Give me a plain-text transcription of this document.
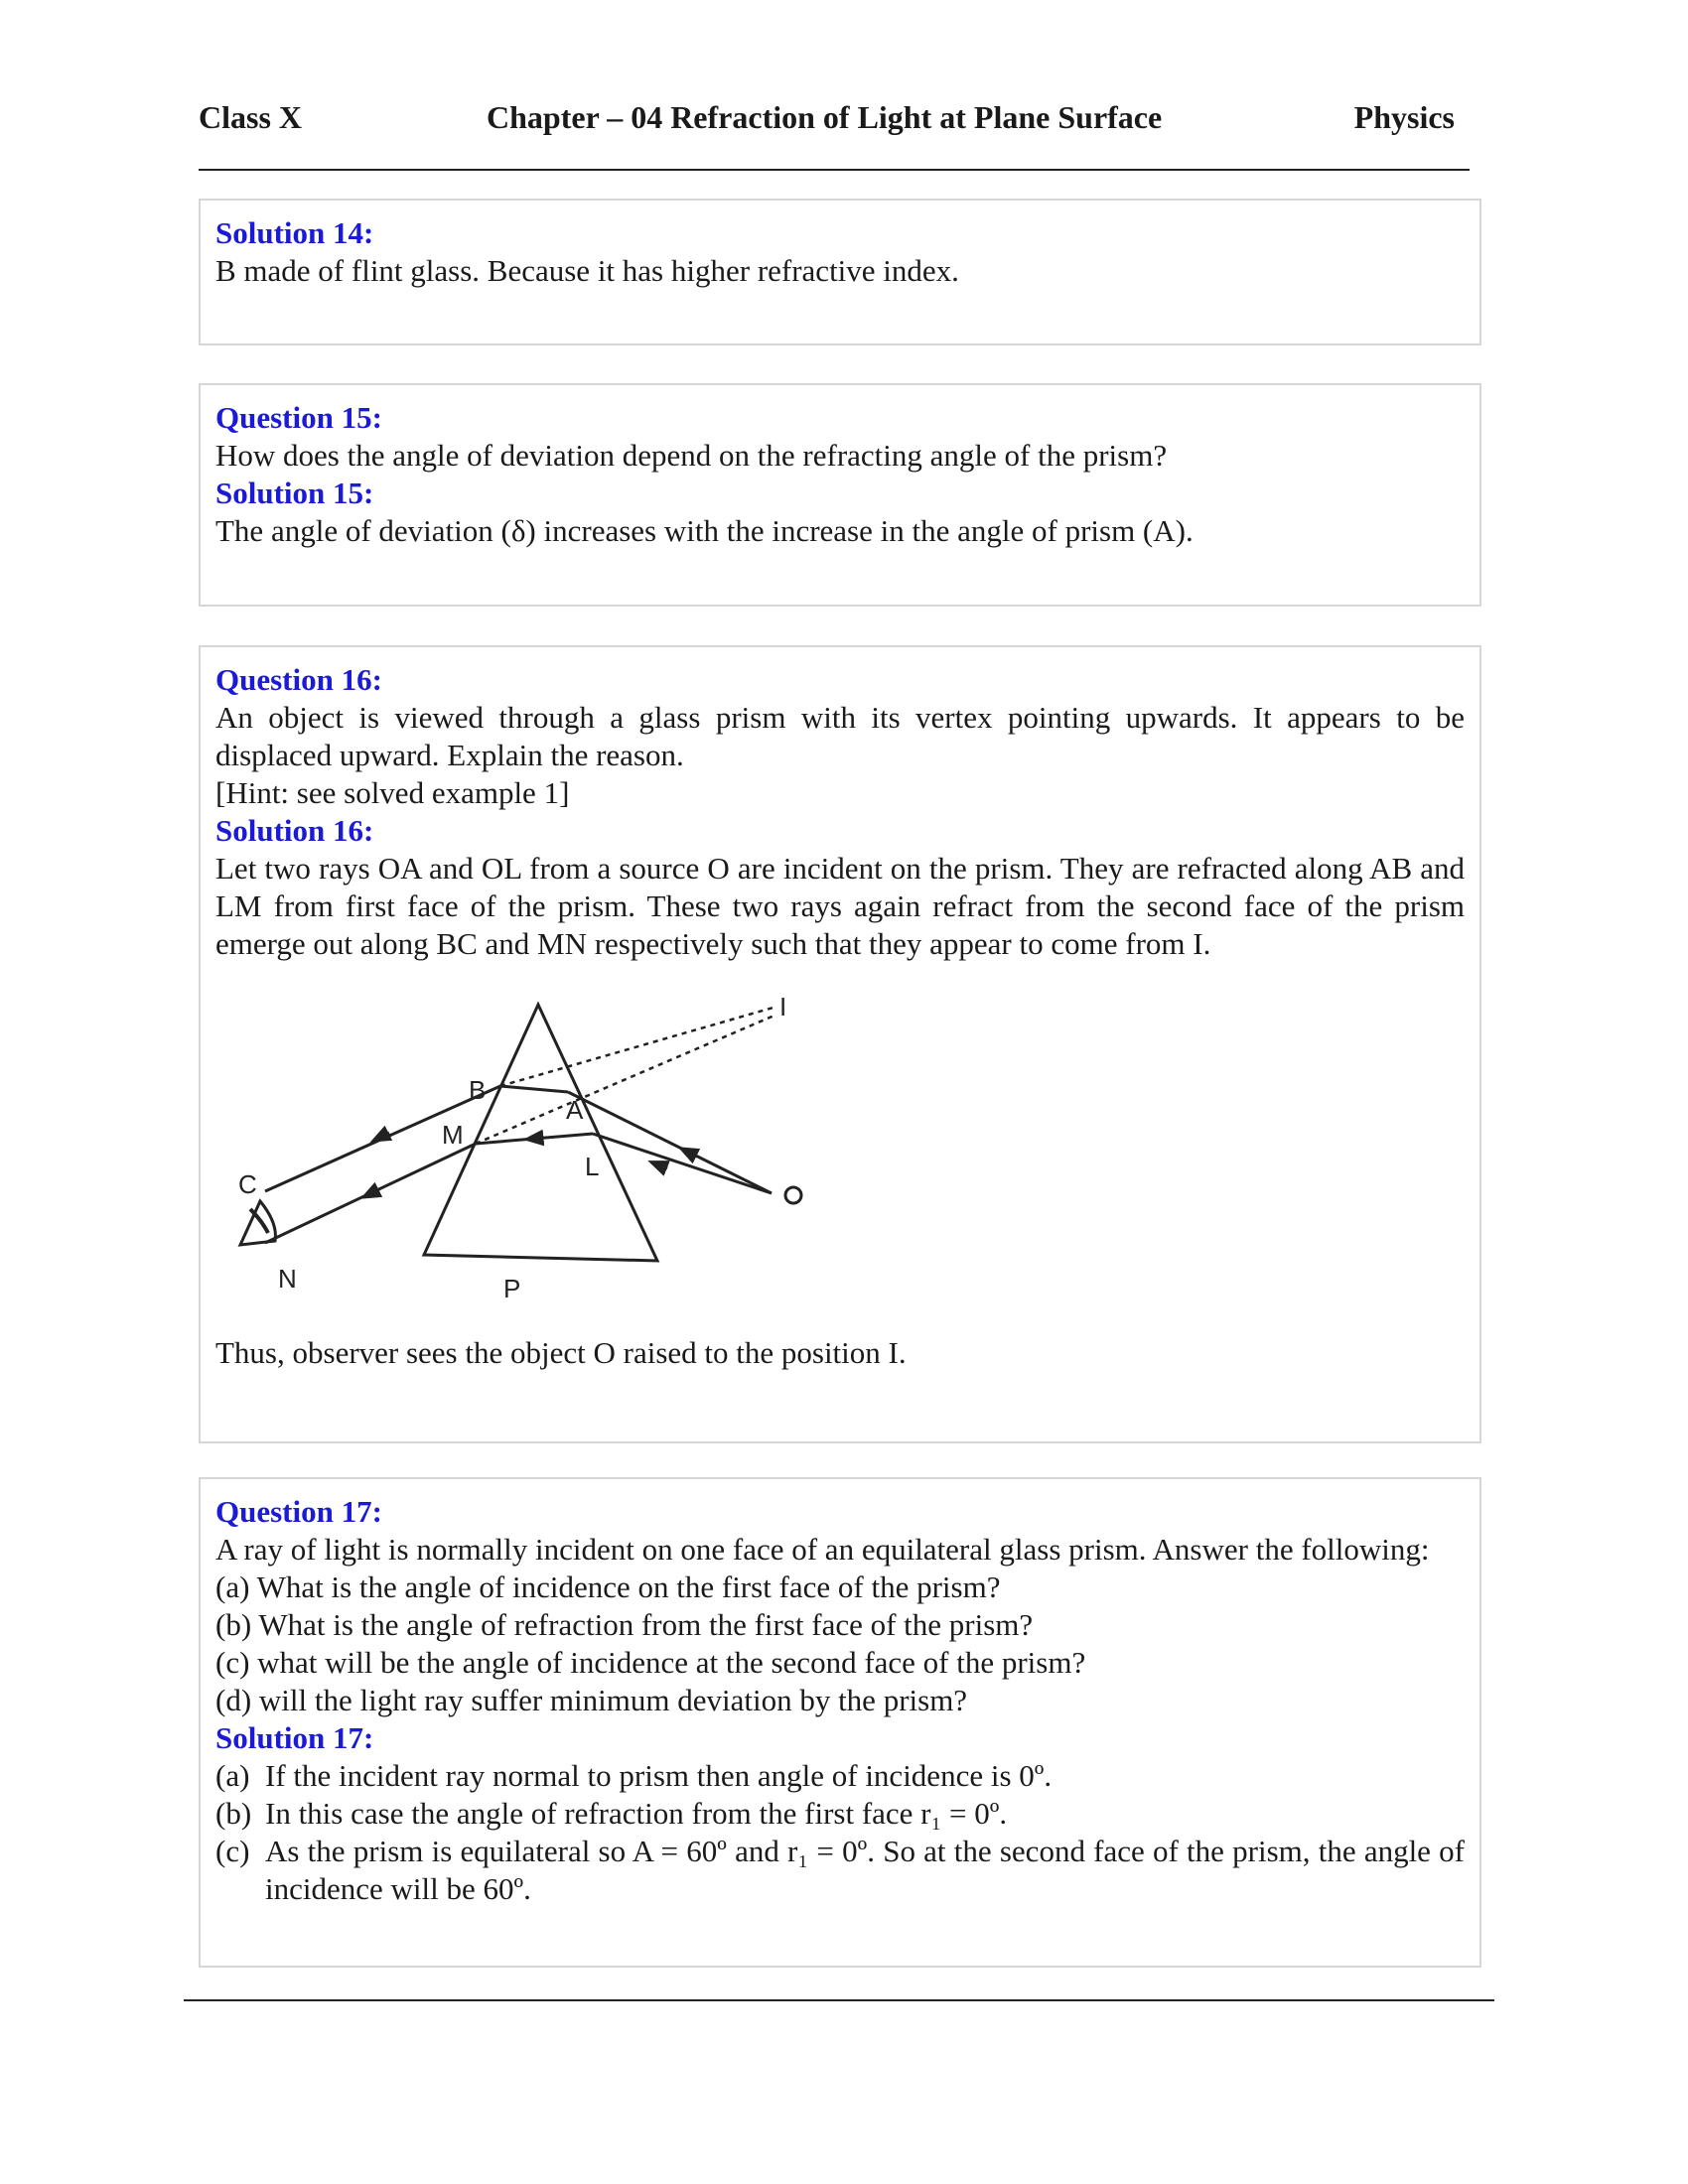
Class X	Chapter – 04 Refraction of Light at Plane Surface	Physics

Solution 14:

B made of flint glass. Because it has higher refractive index.

Question 15:

How does the angle of deviation depend on the refracting angle of the prism?

Solution 15:

The angle of deviation (δ) increases with the increase in the angle of prism (A).

Question 16:

An object is viewed through a glass prism with its vertex pointing upwards. It appears to be displaced upward. Explain the reason.

[Hint: see solved example 1]

Solution 16:

Let two rays OA and OL from a source O are incident on the prism. They are refracted along AB and LM from first face of the prism. These two rays again refract from the second face of the prism emerge out along BC and MN respectively such that they appear to come from I.

I
B
A
M
L
C
N	P

Thus, observer sees the object O raised to the position I.

Question 17:

A ray of light is normally incident on one face of an equilateral glass prism. Answer the following:

(a) What is the angle of incidence on the first face of the prism?

(b) What is the angle of refraction from the first face of the prism?

(c) what will be the angle of incidence at the second face of the prism?

(d) will the light ray suffer minimum deviation by the prism?

Solution 17:

(a) If the incident ray normal to prism then angle of incidence is 0º.
(b) In this case the angle of refraction from the first face r₁ = 0º.
(c) As the prism is equilateral so A = 60º and r₁ = 0º. So at the second face of the prism, the angle of incidence will be 60º.
